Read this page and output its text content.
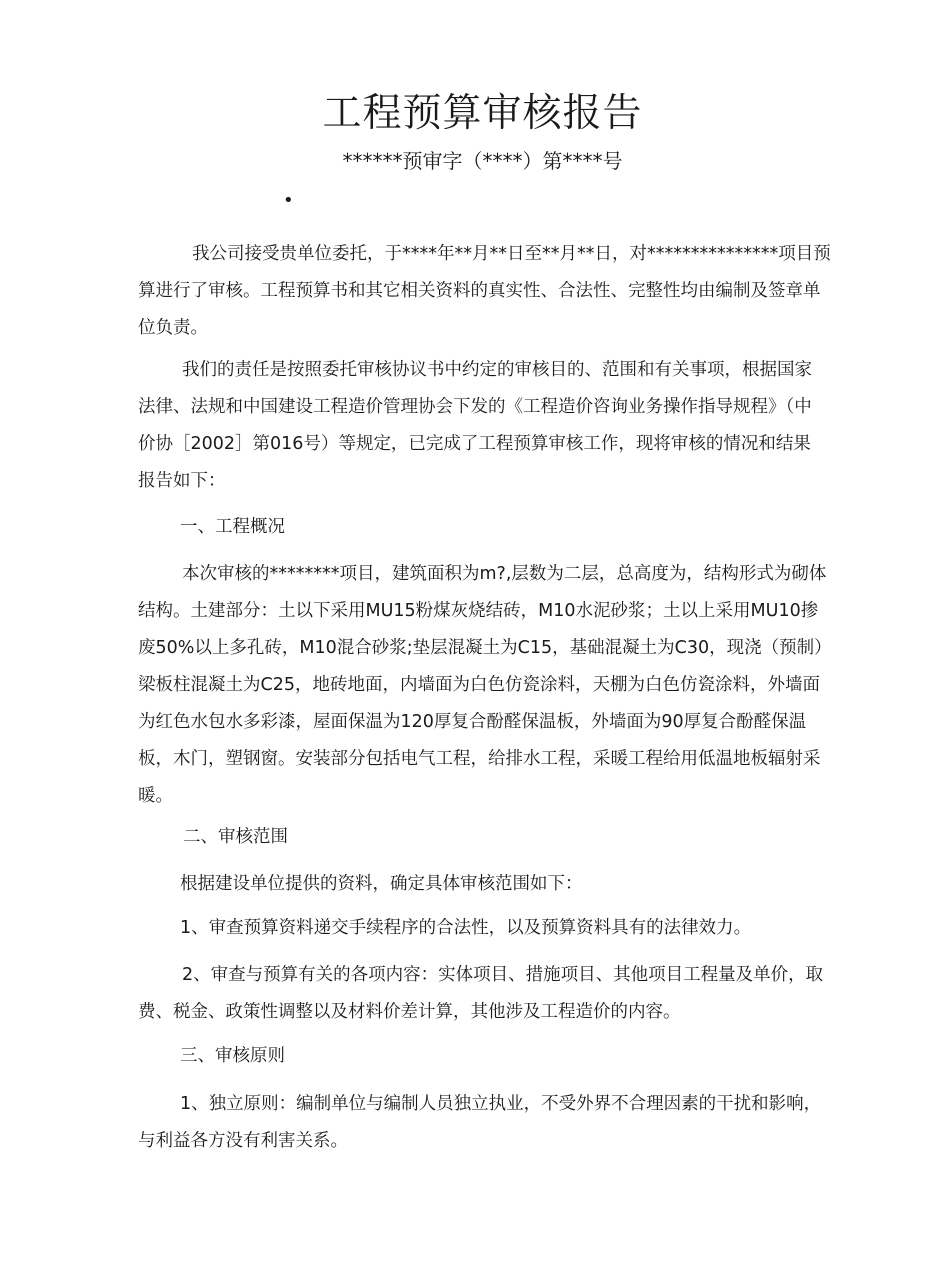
工程预算审核报告
******预审字（****）第****号
•

我公司接受贵单位委托，于****年**月**日至**月**日，对***************项目预算进行了审核。工程预算书和其它相关资料的真实性、合法性、完整性均由编制及签章单位负责。

我们的责任是按照委托审核协议书中约定的审核目的、范围和有关事项，根据国家法律、法规和中国建设工程造价管理协会下发的《工程造价咨询业务操作指导规程》（中价协［2002］第016号）等规定，已完成了工程预算审核工作，现将审核的情况和结果报告如下：

一、工程概况

本次审核的********项目，建筑面积为m?,层数为二层，总高度为，结构形式为砌体结构。土建部分：土以下采用MU15粉煤灰烧结砖，M10水泥砂浆；土以上采用MU10掺废50%以上多孔砖，M10混合砂浆;垫层混凝土为C15，基础混凝土为C30，现浇（预制）梁板柱混凝土为C25，地砖地面，内墙面为白色仿瓷涂料，天棚为白色仿瓷涂料，外墙面为红色水包水多彩漆，屋面保温为120厚复合酚醛保温板，外墙面为90厚复合酚醛保温板，木门，塑钢窗。安装部分包括电气工程，给排水工程，采暖工程给用低温地板辐射采暖。

二、审核范围
根据建设单位提供的资料，确定具体审核范围如下：
1、审查预算资料递交手续程序的合法性，以及预算资料具有的法律效力。

2、审查与预算有关的各项内容：实体项目、措施项目、其他项目工程量及单价，取费、税金、政策性调整以及材料价差计算，其他涉及工程造价的内容。

三、审核原则

1、独立原则：编制单位与编制人员独立执业，不受外界不合理因素的干扰和影响，与利益各方没有利害关系。
